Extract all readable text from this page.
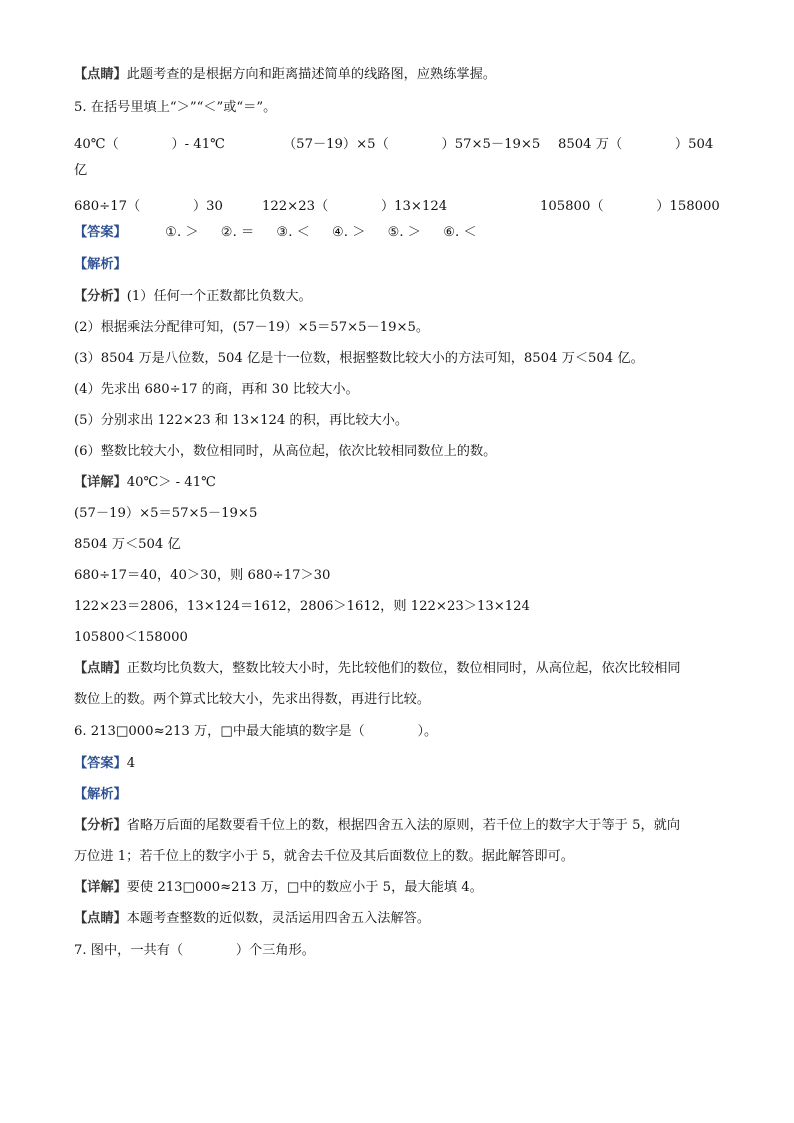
【点睛】此题考查的是根据方向和距离描述简单的线路图，应熟练掌握。
5. 在括号里填上“＞”“＜”或“＝”。
40℃（　　　　）- 41℃	（57－19）×5（　　　　）57×5－19×5 8504 万（　　　　）504
亿
680÷17（　　　　）30	122×23（　　　　）13×124	105800（　　　　）158000
【答案】	①. ＞ ②. ＝ ③. ＜ ④. ＞ ⑤. ＞ ⑥. ＜
【解析】
【分析】(1）任何一个正数都比负数大。
(2）根据乘法分配律可知，(57－19）×5＝57×5－19×5。
(3）8504 万是八位数，504 亿是十一位数，根据整数比较大小的方法可知，8504 万＜504 亿。
(4）先求出 680÷17 的商，再和 30 比较大小。
(5）分别求出 122×23 和 13×124 的积，再比较大小。
(6）整数比较大小，数位相同时，从高位起，依次比较相同数位上的数。
【详解】40℃＞ - 41℃
(57－19）×5＝57×5－19×5
8504 万＜504 亿
680÷17＝40，40＞30，则 680÷17＞30
122×23＝2806，13×124＝1612，2806＞1612，则 122×23＞13×124
105800＜158000
【点睛】正数均比负数大，整数比较大小时，先比较他们的数位，数位相同时，从高位起，依次比较相同
数位上的数。两个算式比较大小，先求出得数，再进行比较。
6. 213□000≈213 万，□中最大能填的数字是（　　　　）。
【答案】4
【解析】
【分析】省略万后面的尾数要看千位上的数，根据四舍五入法的原则，若千位上的数字大于等于 5，就向
万位进 1；若千位上的数字小于 5，就舍去千位及其后面数位上的数。据此解答即可。
【详解】要使 213□000≈213 万，□中的数应小于 5，最大能填 4。
【点睛】本题考查整数的近似数，灵活运用四舍五入法解答。
7. 图中，一共有（　　　　）个三角形。
